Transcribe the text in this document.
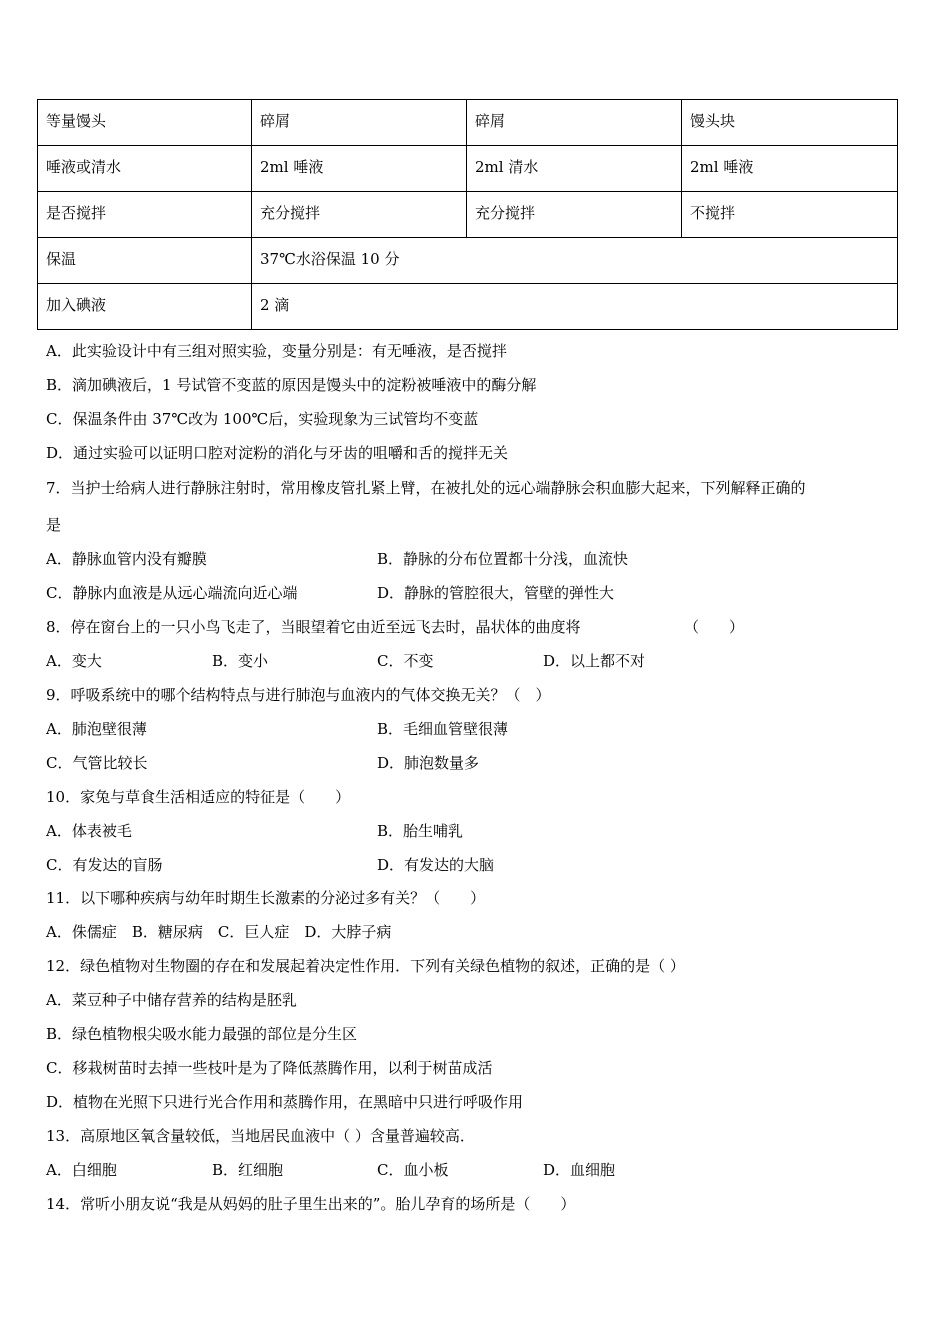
等量馒头	碎屑	碎屑	馒头块
唾液或清水	2ml 唾液	2ml 清水	2ml 唾液
是否搅拌	充分搅拌	充分搅拌	不搅拌
保温	37℃水浴保温 10 分		
加入碘液	2 滴		
A．此实验设计中有三组对照实验，变量分别是：有无唾液，是否搅拌
B．滴加碘液后，1 号试管不变蓝的原因是馒头中的淀粉被唾液中的酶分解
C．保温条件由 37℃改为 100℃后，实验现象为三试管均不变蓝
D．通过实验可以证明口腔对淀粉的消化与牙齿的咀嚼和舌的搅拌无关
7．当护士给病人进行静脉注射时，常用橡皮管扎紧上臂，在被扎处的远心端静脉会积血膨大起来，下列解释正确的
是
A．静脉血管内没有瓣膜	B．静脉的分布位置都十分浅，血流快
C．静脉内血液是从远心端流向近心端	D．静脉的管腔很大，管壁的弹性大
8．停在窗台上的一只小鸟飞走了，当眼望着它由近至远飞去时，晶状体的曲度将	（　　）
A．变大	B．变小	C．不变	D．以上都不对
9．呼吸系统中的哪个结构特点与进行肺泡与血液内的气体交换无关？（　）
A．肺泡壁很薄	B．毛细血管壁很薄
C．气管比较长	D．肺泡数量多
10．家兔与草食生活相适应的特征是（　　）
A．体表被毛	B．胎生哺乳
C．有发达的盲肠	D．有发达的大脑
11．以下哪种疾病与幼年时期生长激素的分泌过多有关？（　　）
A．侏儒症　B．糖尿病　C．巨人症　D．大脖子病
12．绿色植物对生物圈的存在和发展起着决定性作用．下列有关绿色植物的叙述，正确的是（ ）
A．菜豆种子中储存营养的结构是胚乳
B．绿色植物根尖吸水能力最强的部位是分生区
C．移栽树苗时去掉一些枝叶是为了降低蒸腾作用，以利于树苗成活
D．植物在光照下只进行光合作用和蒸腾作用，在黑暗中只进行呼吸作用
13．高原地区氧含量较低，当地居民血液中（ ）含量普遍较高．
A．白细胞	B．红细胞	C．血小板	D．血细胞
14．常听小朋友说“我是从妈妈的肚子里生出来的”。胎儿孕育的场所是（　　）
